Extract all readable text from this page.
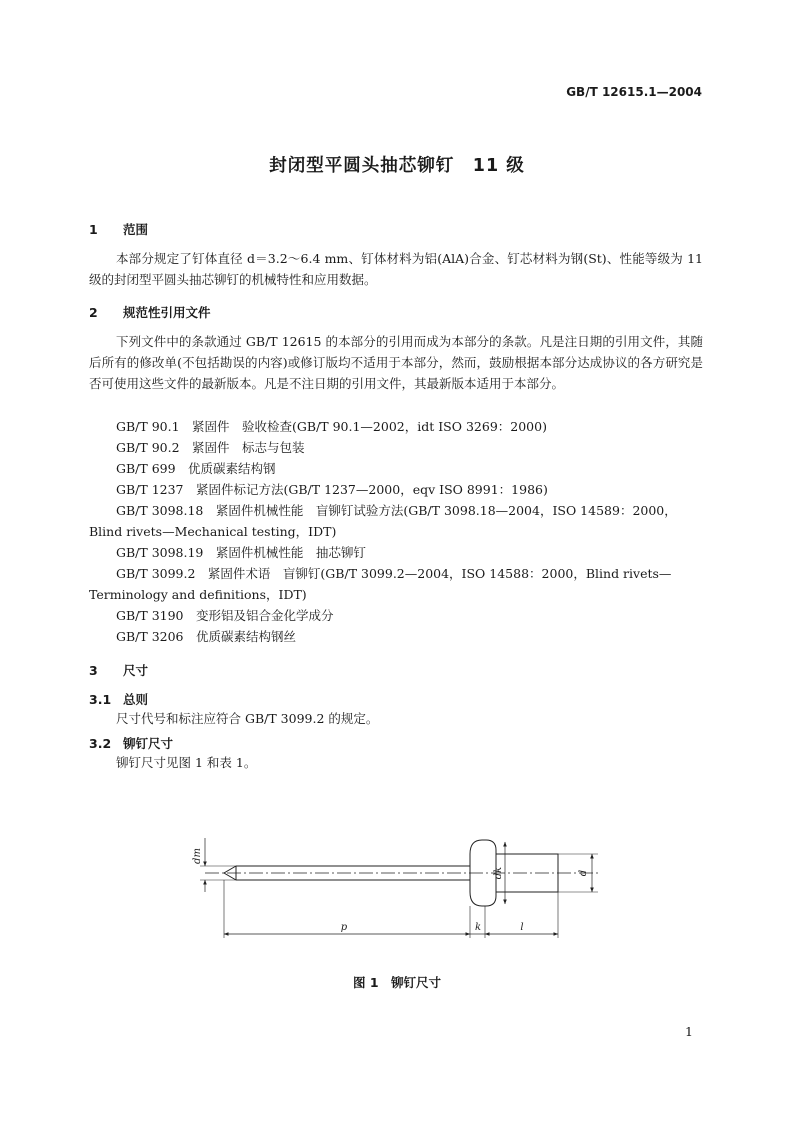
GB/T 12615.1—2004
封闭型平圆头抽芯铆钉　11 级
1 范围
本部分规定了钉体直径 d＝3.2～6.4 mm、钉体材料为铝(AlA)合金、钉芯材料为钢(St)、性能等级为 11 级的封闭型平圆头抽芯铆钉的机械特性和应用数据。
2 规范性引用文件
下列文件中的条款通过 GB/T 12615 的本部分的引用而成为本部分的条款。凡是注日期的引用文件，其随后所有的修改单(不包括勘误的内容)或修订版均不适用于本部分，然而，鼓励根据本部分达成协议的各方研究是否可使用这些文件的最新版本。凡是不注日期的引用文件，其最新版本适用于本部分。
GB/T 90.1　紧固件　验收检查(GB/T 90.1—2002，idt ISO 3269：2000)
GB/T 90.2　紧固件　标志与包装
GB/T 699　优质碳素结构钢
GB/T 1237　紧固件标记方法(GB/T 1237—2000，eqv ISO 8991：1986)
GB/T 3098.18　紧固件机械性能　盲铆钉试验方法(GB/T 3098.18—2004，ISO 14589：2000，
Blind rivets—Mechanical testing，IDT)
GB/T 3098.19　紧固件机械性能　抽芯铆钉
GB/T 3099.2　紧固件术语　盲铆钉(GB/T 3099.2—2004，ISO 14588：2000，Blind rivets—
Terminology and definitions，IDT)
GB/T 3190　变形铝及铝合金化学成分
GB/T 3206　优质碳素结构钢丝
3 尺寸
3.1 总则
尺寸代号和标注应符合 GB/T 3099.2 的规定。
3.2 铆钉尺寸
铆钉尺寸见图 1 和表 1。
dm
dk	d
p	k	l
图 1　铆钉尺寸
1
